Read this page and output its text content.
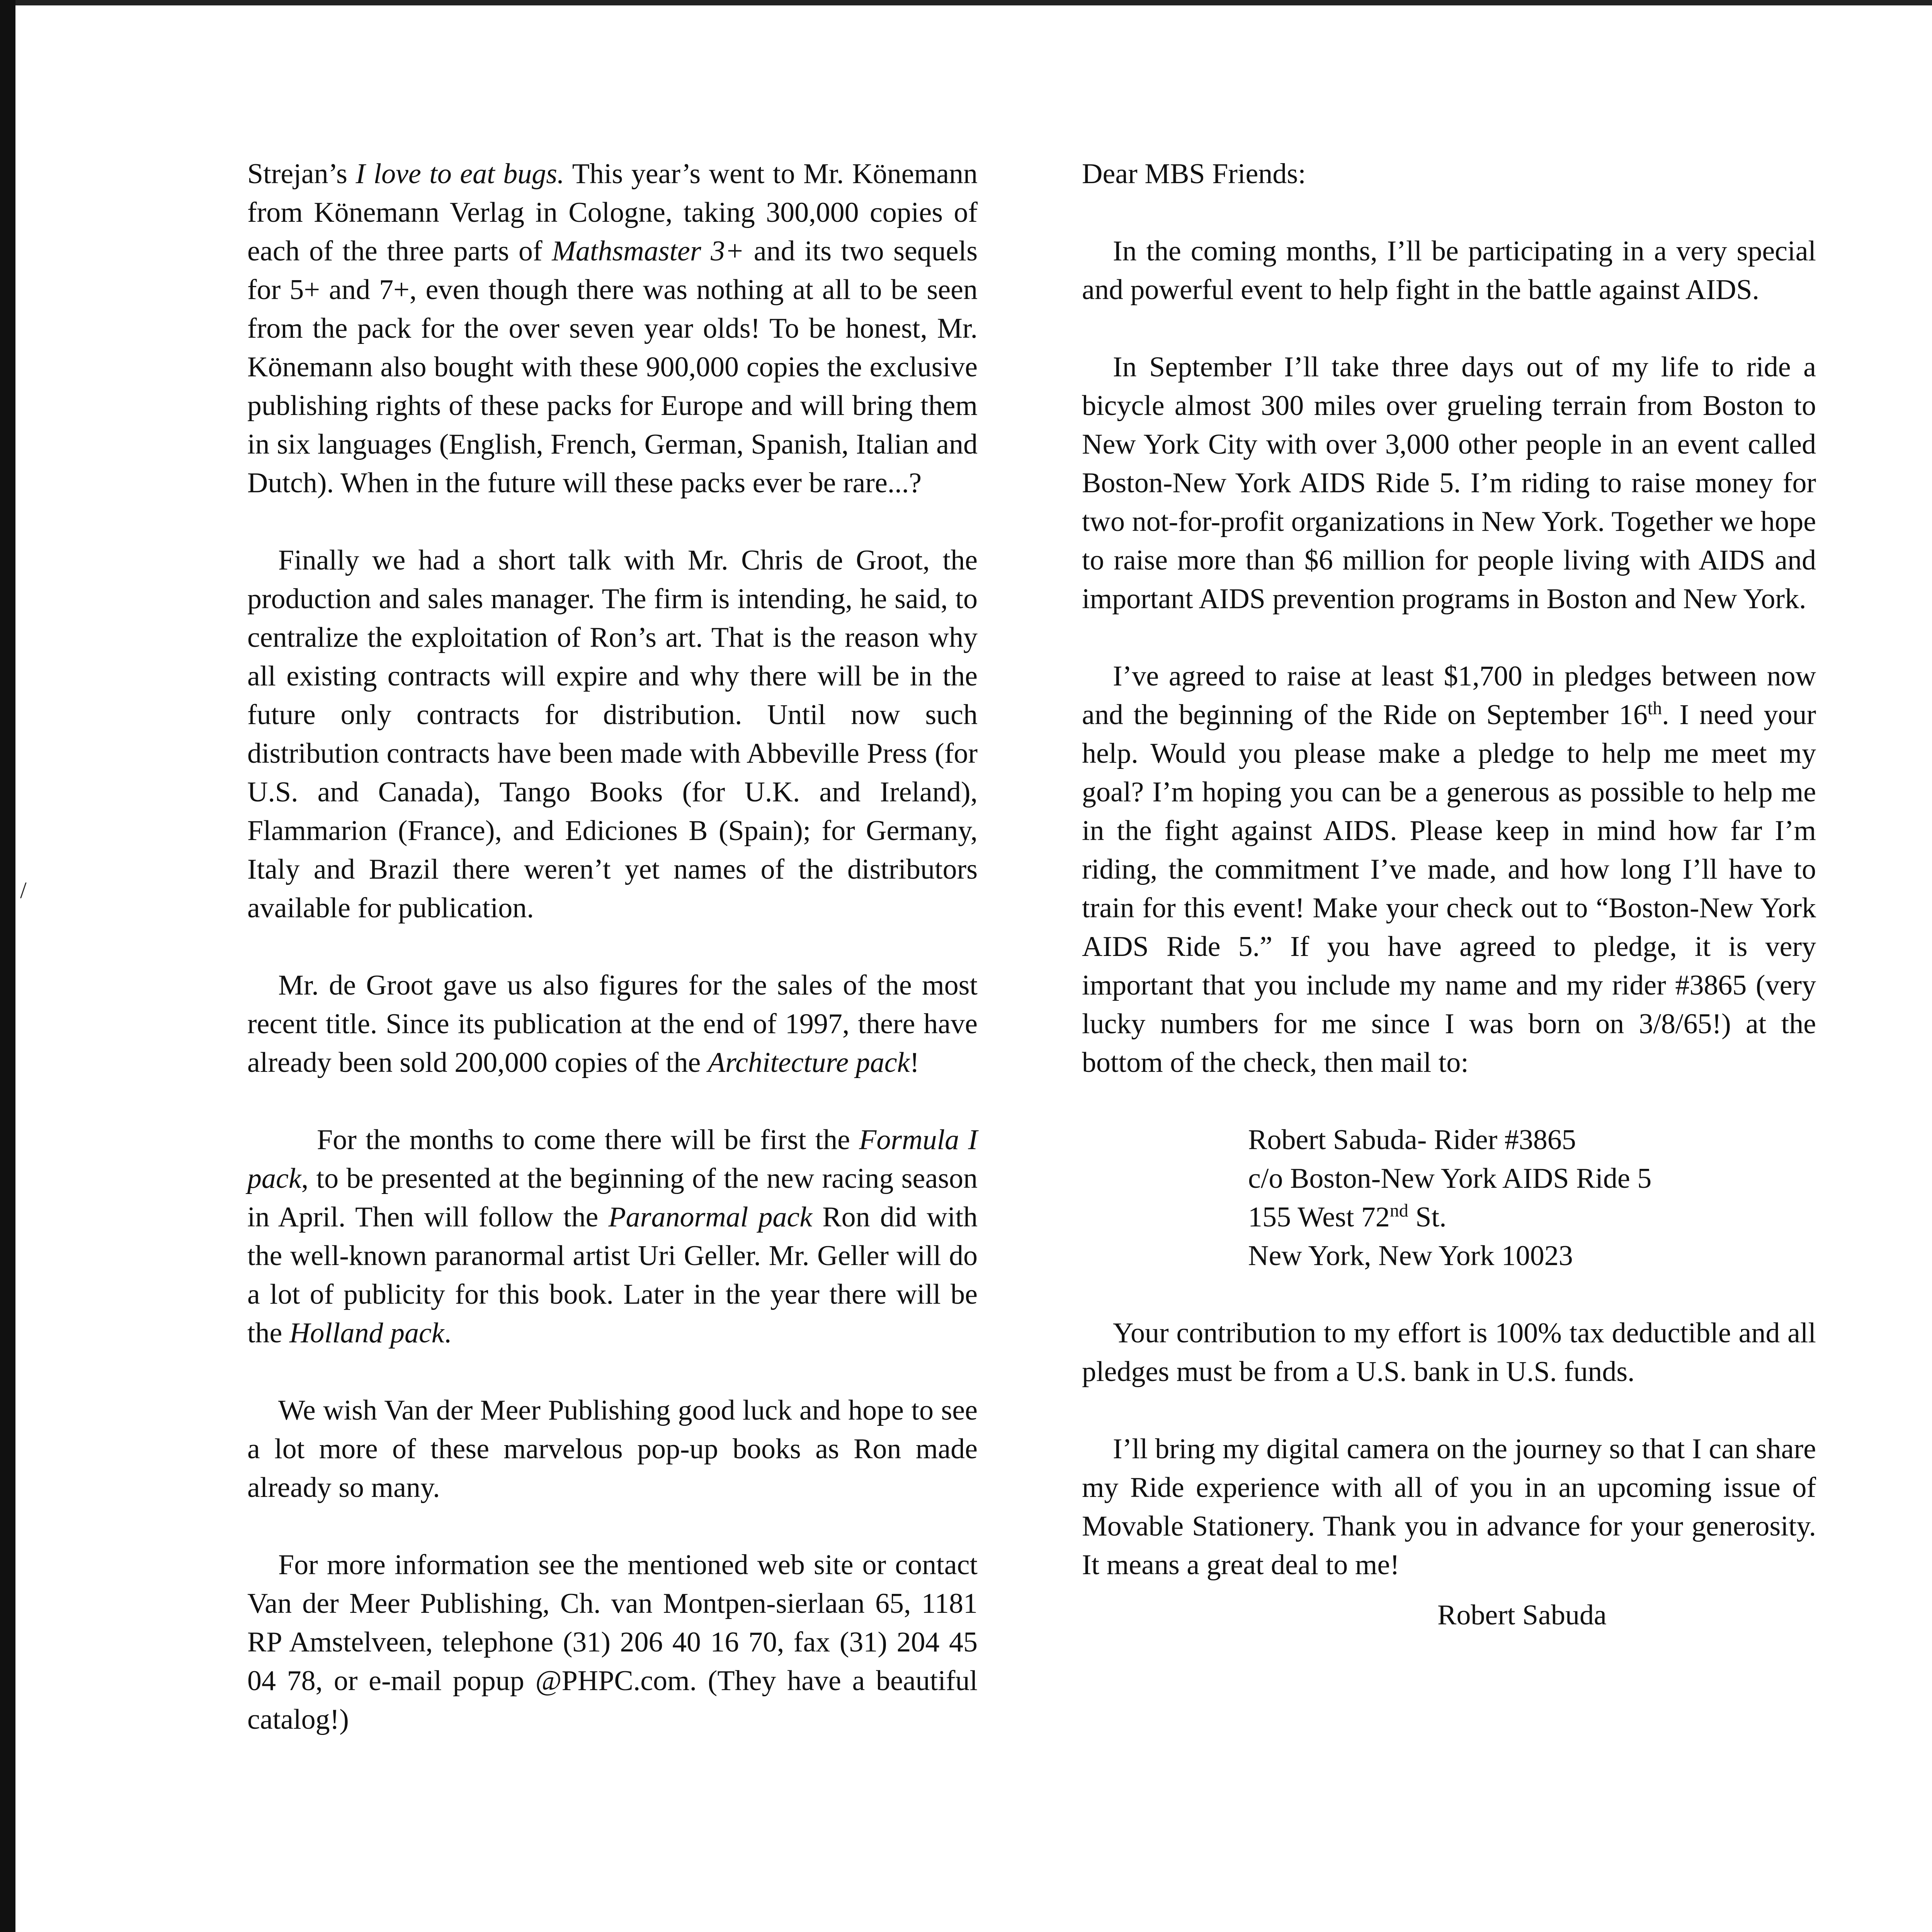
/

Strejan’s I love to eat bugs. This year’s went to Mr. Könemann from Könemann Verlag in Cologne, taking 300,000 copies of each of the three parts of Mathsmaster 3+ and its two sequels for 5+ and 7+, even though there was nothing at all to be seen from the pack for the over seven year olds! To be honest, Mr. Könemann also bought with these 900,000 copies the exclusive publishing rights of these packs for Europe and will bring them in six languages (English, French, German, Spanish, Italian and Dutch). When in the future will these packs ever be rare...?

Finally we had a short talk with Mr. Chris de Groot, the production and sales manager. The firm is intending, he said, to centralize the exploitation of Ron’s art. That is the reason why all existing contracts will expire and why there will be in the future only contracts for distribution. Until now such distribution contracts have been made with Abbeville Press (for U.S. and Canada), Tango Books (for U.K. and Ireland), Flammarion (France), and Ediciones B (Spain); for Germany, Italy and Brazil there weren’t yet names of the distributors available for publication.

Mr. de Groot gave us also figures for the sales of the most recent title. Since its publication at the end of 1997, there have already been sold 200,000 copies of the Architecture pack!

For the months to come there will be first the Formula I pack, to be presented at the beginning of the new racing season in April. Then will follow the Paranormal pack Ron did with the well-known paranormal artist Uri Geller. Mr. Geller will do a lot of publicity for this book. Later in the year there will be the Holland pack.

We wish Van der Meer Publishing good luck and hope to see a lot more of these marvelous pop-up books as Ron made already so many.

For more information see the mentioned web site or contact Van der Meer Publishing, Ch. van Montpen-sierlaan 65, 1181 RP Amstelveen, telephone (31) 206 40 16 70, fax (31) 204 45 04 78, or e-mail popup @PHPC.com. (They have a beautiful catalog!)

Dear MBS Friends:

In the coming months, I’ll be participating in a very special and powerful event to help fight in the battle against AIDS.

In September I’ll take three days out of my life to ride a bicycle almost 300 miles over grueling terrain from Boston to New York City with over 3,000 other people in an event called Boston-New York AIDS Ride 5. I’m riding to raise money for two not-for-profit organizations in New York. Together we hope to raise more than $6 million for people living with AIDS and important AIDS prevention programs in Boston and New York.

I’ve agreed to raise at least $1,700 in pledges between now and the beginning of the Ride on September 16th. I need your help. Would you please make a pledge to help me meet my goal? I’m hoping you can be a generous as possible to help me in the fight against AIDS. Please keep in mind how far I’m riding, the commitment I’ve made, and how long I’ll have to train for this event! Make your check out to “Boston-New York AIDS Ride 5.” If you have agreed to pledge, it is very important that you include my name and my rider #3865 (very lucky numbers for me since I was born on 3/8/65!) at the bottom of the check, then mail to:

Robert Sabuda- Rider #3865
c/o Boston-New York AIDS Ride 5
155 West 72nd St.
New York, New York 10023

Your contribution to my effort is 100% tax deductible and all pledges must be from a U.S. bank in U.S. funds.

I’ll bring my digital camera on the journey so that I can share my Ride experience with all of you in an upcoming issue of Movable Stationery. Thank you in advance for your generosity. It means a great deal to me!

Robert Sabuda
